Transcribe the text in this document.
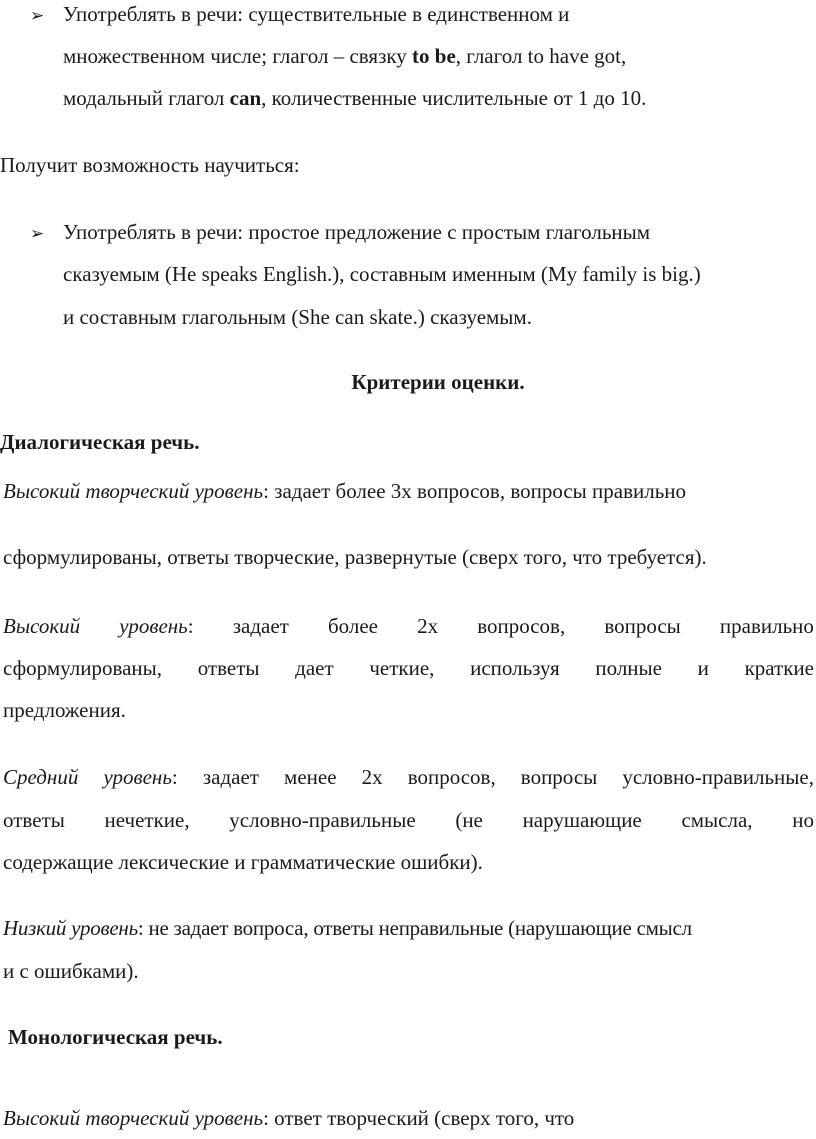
➢ Употреблять в речи: существительные в единственном и
множественном числе; глагол – связку to be, глагол to have got,
модальный глагол can, количественные числительные от 1 до 10.
Получит возможность научиться:
➢ Употреблять в речи: простое предложение с простым глагольным
сказуемым (He speaks English.), составным именным (My family is big.)
и составным глагольным (She can skate.) сказуемым.
Критерии оценки.
Диалогическая речь.
Высокий творческий уровень: задает более 3х вопросов, вопросы правильно
сформулированы, ответы творческие, развернутые (сверх того, что требуется).
Высокий уровень: задает более 2х вопросов, вопросы правильно
сформулированы, ответы дает четкие, используя полные и краткие
предложения.
Средний уровень: задает менее 2х вопросов, вопросы условно-правильные,
ответы нечеткие, условно-правильные (не нарушающие смысла, но
содержащие лексические и грамматические ошибки).
Низкий уровень: не задает вопроса, ответы неправильные (нарушающие смысл
и с ошибками).
Монологическая речь.
Высокий творческий уровень: ответ творческий (сверх того, что
